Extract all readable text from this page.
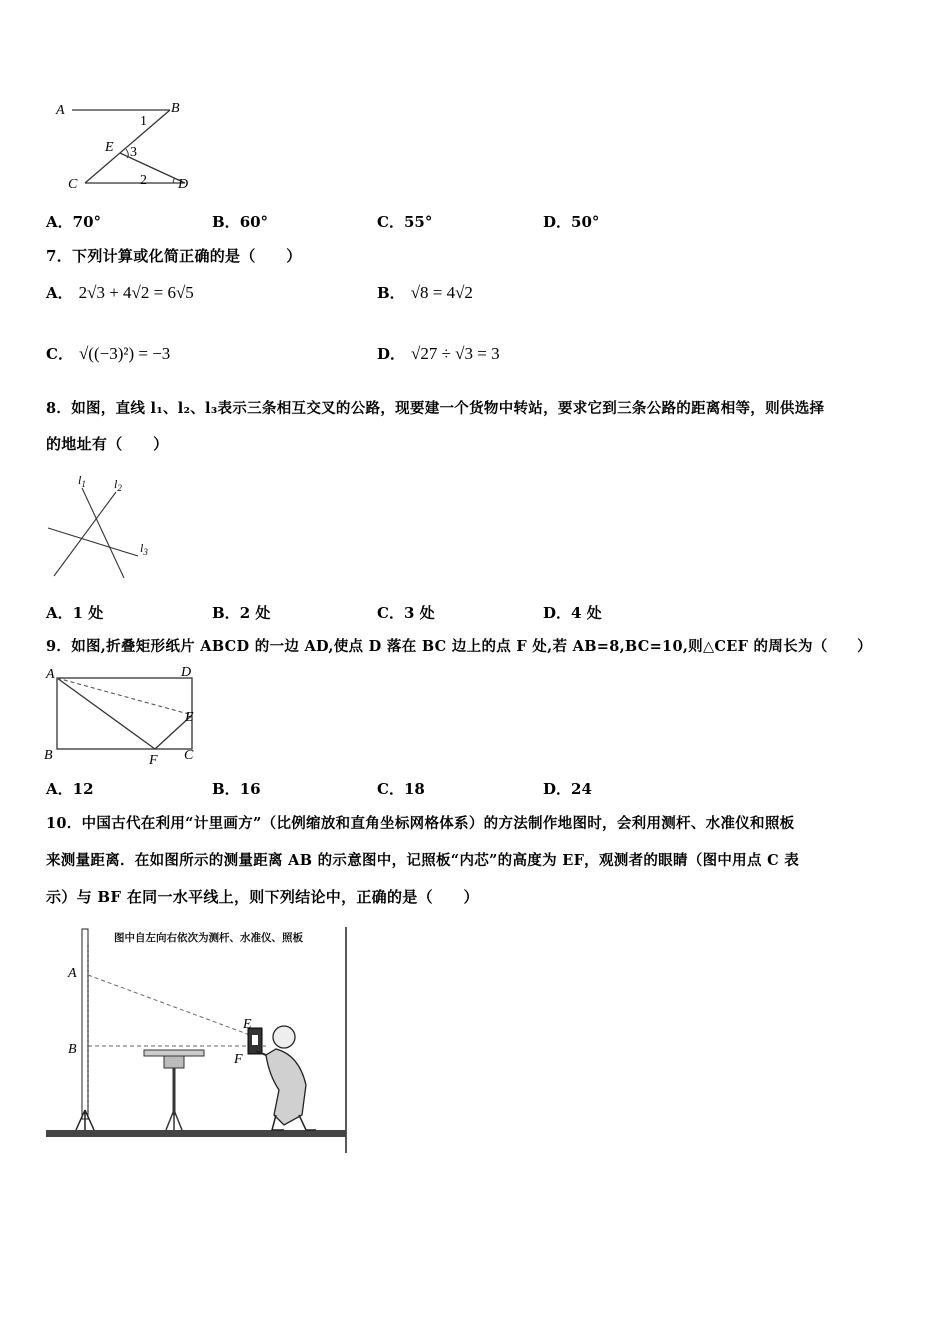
A	B
C	D
E
1
2
3
A．70°	B．60°	C．55°	D．50°
7．下列计算或化简正确的是（　　）
A． 2√3 + 4√2 = 6√5	B． √8 = 4√2
C． √((−3)²) = −3	D． √27 ÷ √3 = 3
8．如图，直线 l₁、l₂、l₃表示三条相互交叉的公路，现要建一个货物中转站，要求它到三条公路的距离相等，则供选择
的地址有（　　）
$l_1$ $l_2$
$l_3$
A．1 处	B．2 处	C．3 处	D．4 处
9．如图,折叠矩形纸片 ABCD 的一边 AD,使点 D 落在 BC 边上的点 F 处,若 AB=8,BC=10,则△CEF 的周长为（　　）
A	D
E
B	C
F
A．12	B．16	C．18	D．24
10．中国古代在利用“计里画方”（比例缩放和直角坐标网格体系）的方法制作地图时，会利用测杆、水准仪和照板
来测量距离．在如图所示的测量距离 AB 的示意图中，记照板“内芯”的高度为 EF，观测者的眼睛（图中用点 C 表
示）与 BF 在同一水平线上，则下列结论中，正确的是（　　）
图中自左向右依次为测杆、水准仪、照板
A
B
E
F
